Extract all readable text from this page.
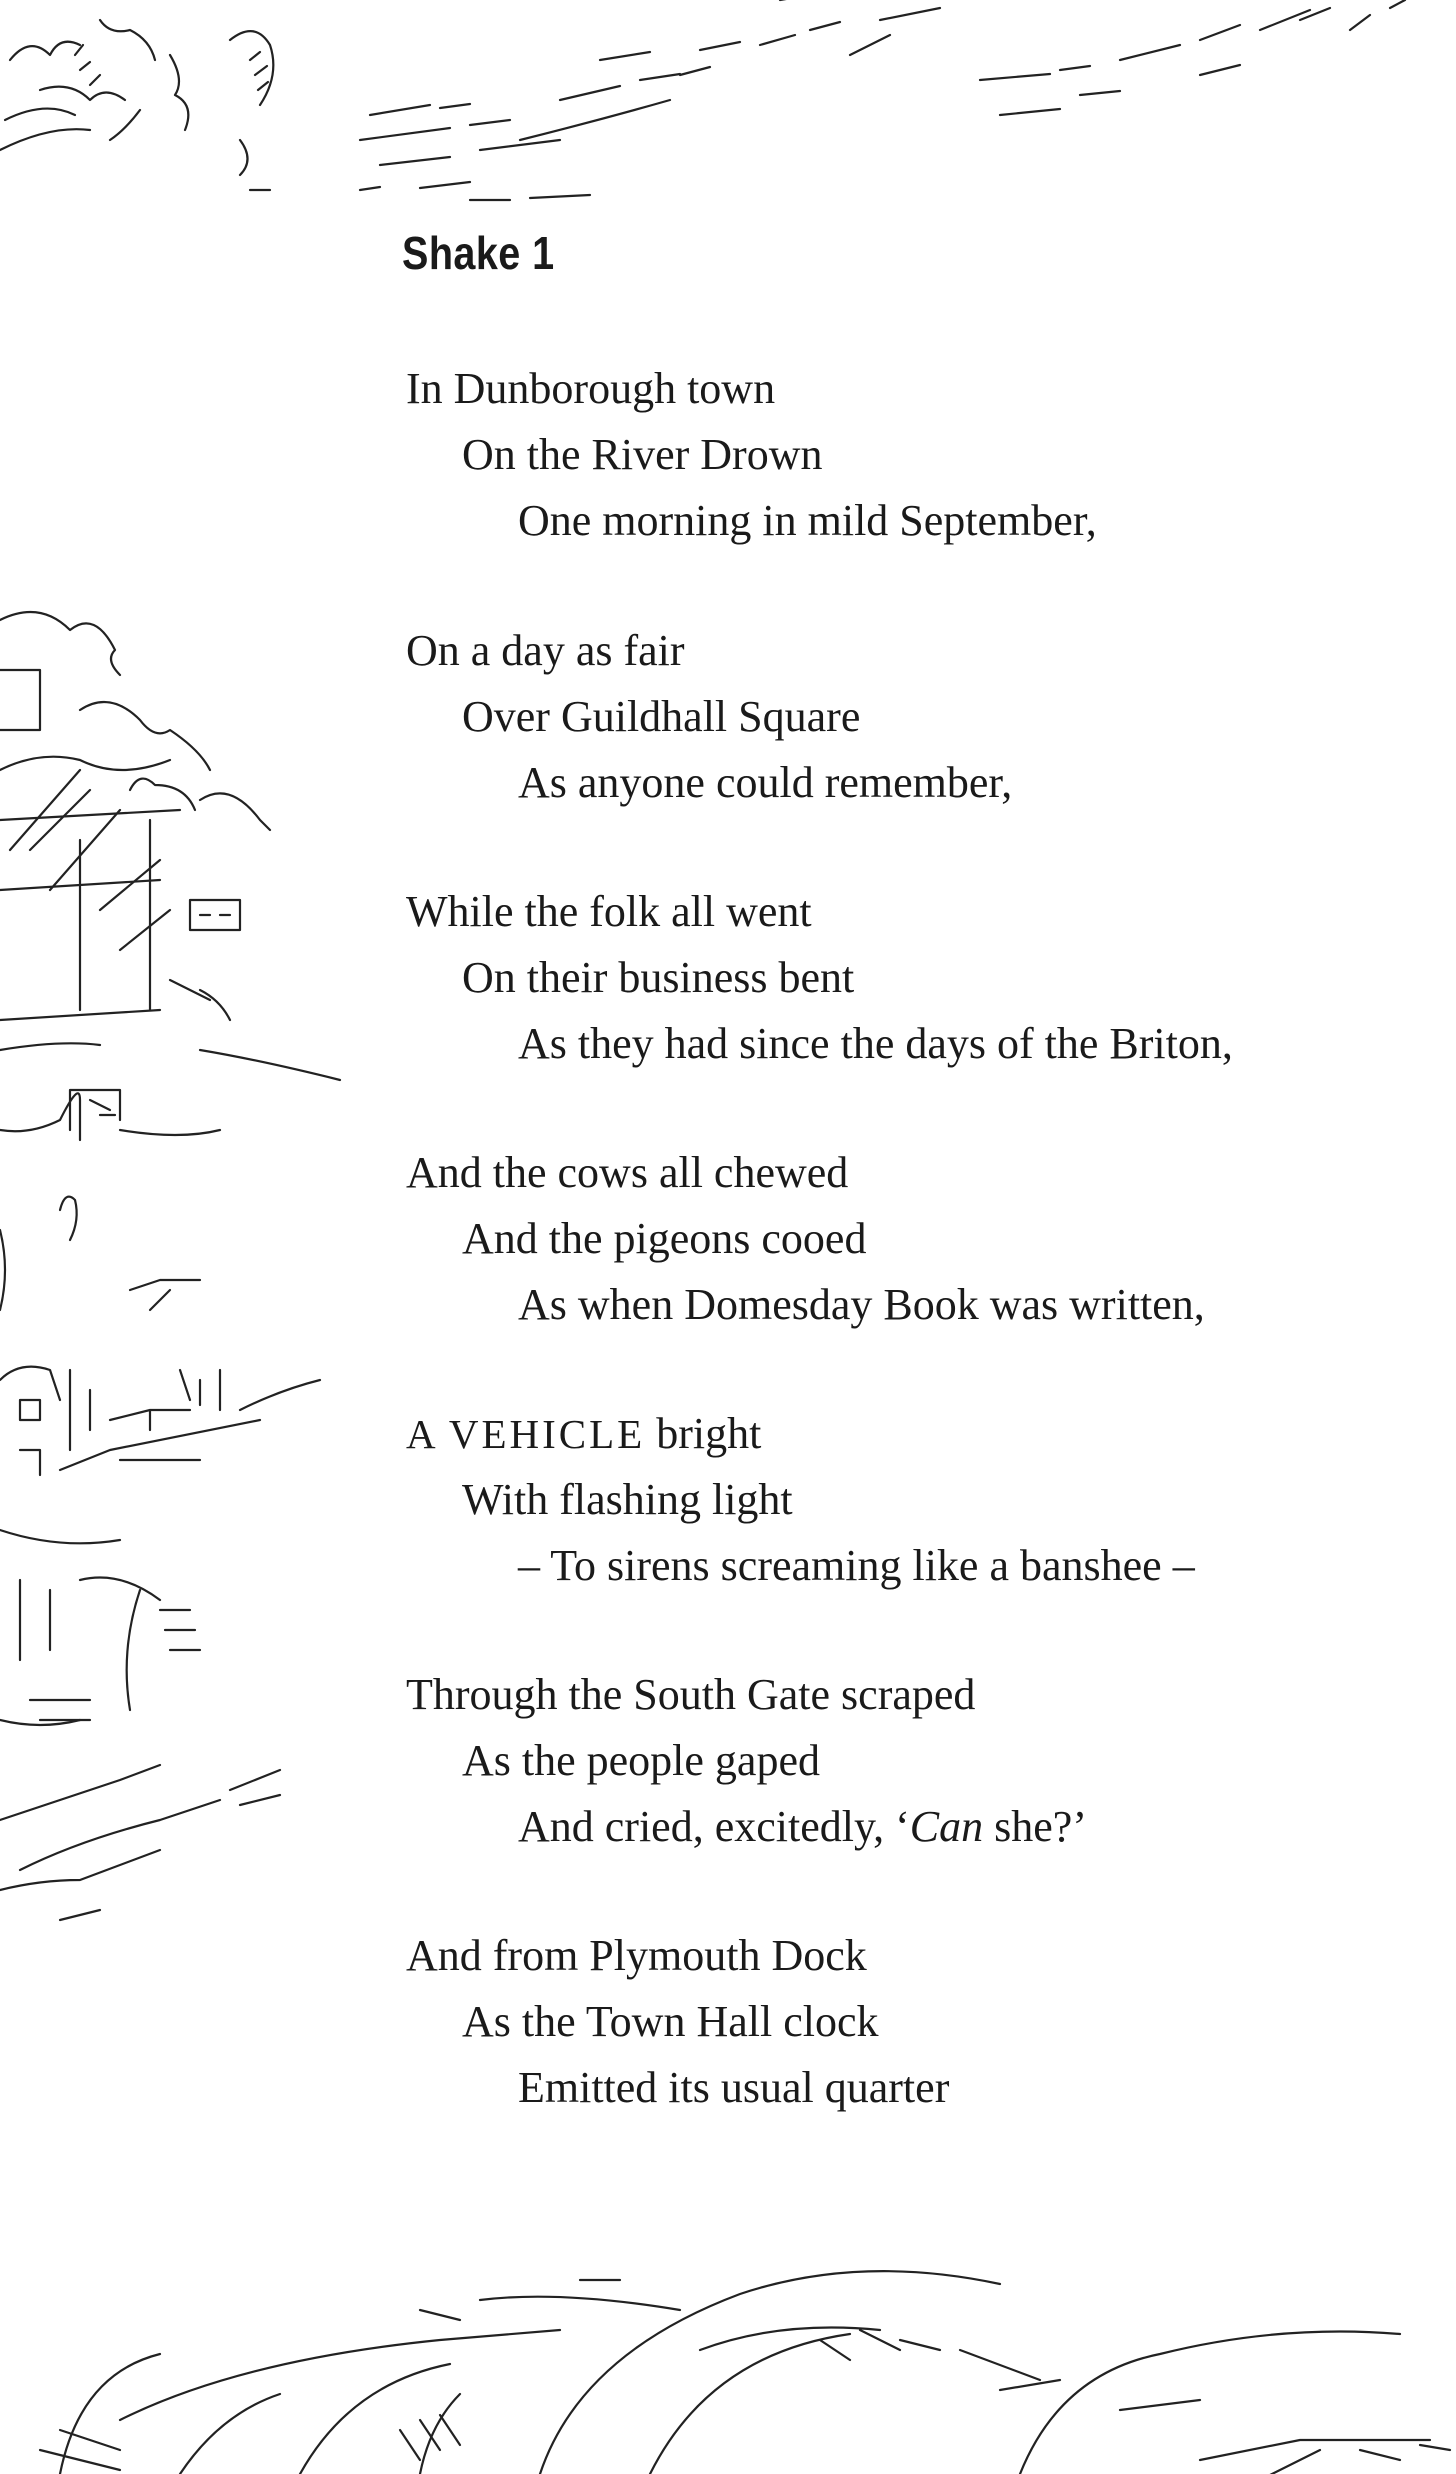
Shake 1
In Dunborough town
On the River Drown
One morning in mild September,
On a day as fair
Over Guildhall Square
As anyone could remember,
While the folk all went
On their business bent
As they had since the days of the Briton,
And the cows all chewed
And the pigeons cooed
As when Domesday Book was written,
A VEHICLE bright
With flashing light
– To sirens screaming like a banshee –
Through the South Gate scraped
As the people gaped
And cried, excitedly, ‘Can she?’
And from Plymouth Dock
As the Town Hall clock
Emitted its usual quarter
